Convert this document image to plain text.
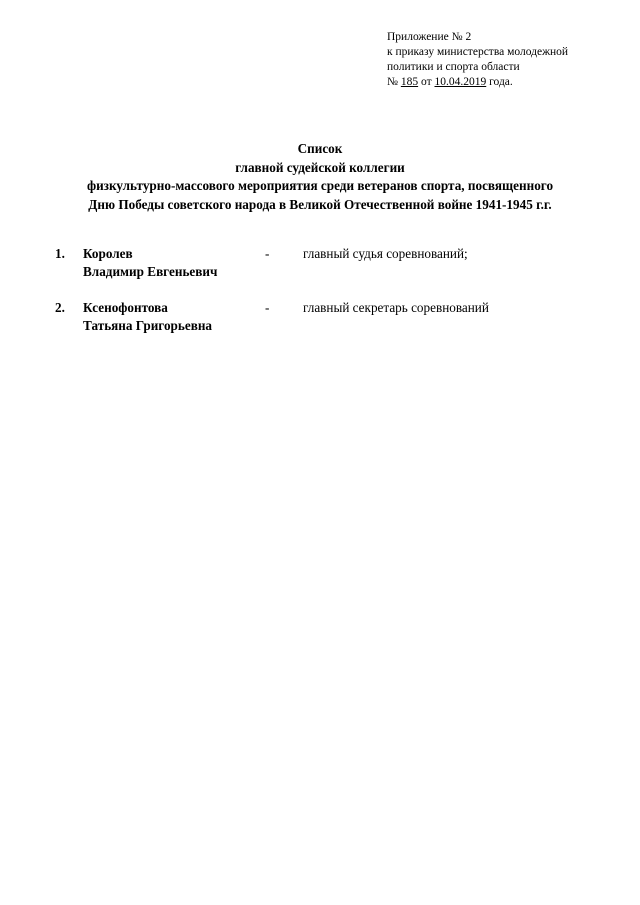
Приложение № 2
к приказу министерства молодежной
политики и спорта области
№ 185 от 10.04.2019 года.
Список
главной судейской коллегии
физкультурно-массового мероприятия среди ветеранов спорта, посвященного
Дню Победы советского народа в Великой Отечественной войне 1941-1945 г.г.
1. Королев
Владимир Евгеньевич
-	главный судья соревнований;
2. Ксенофонтова
Татьяна Григорьевна
-	главный секретарь соревнований
